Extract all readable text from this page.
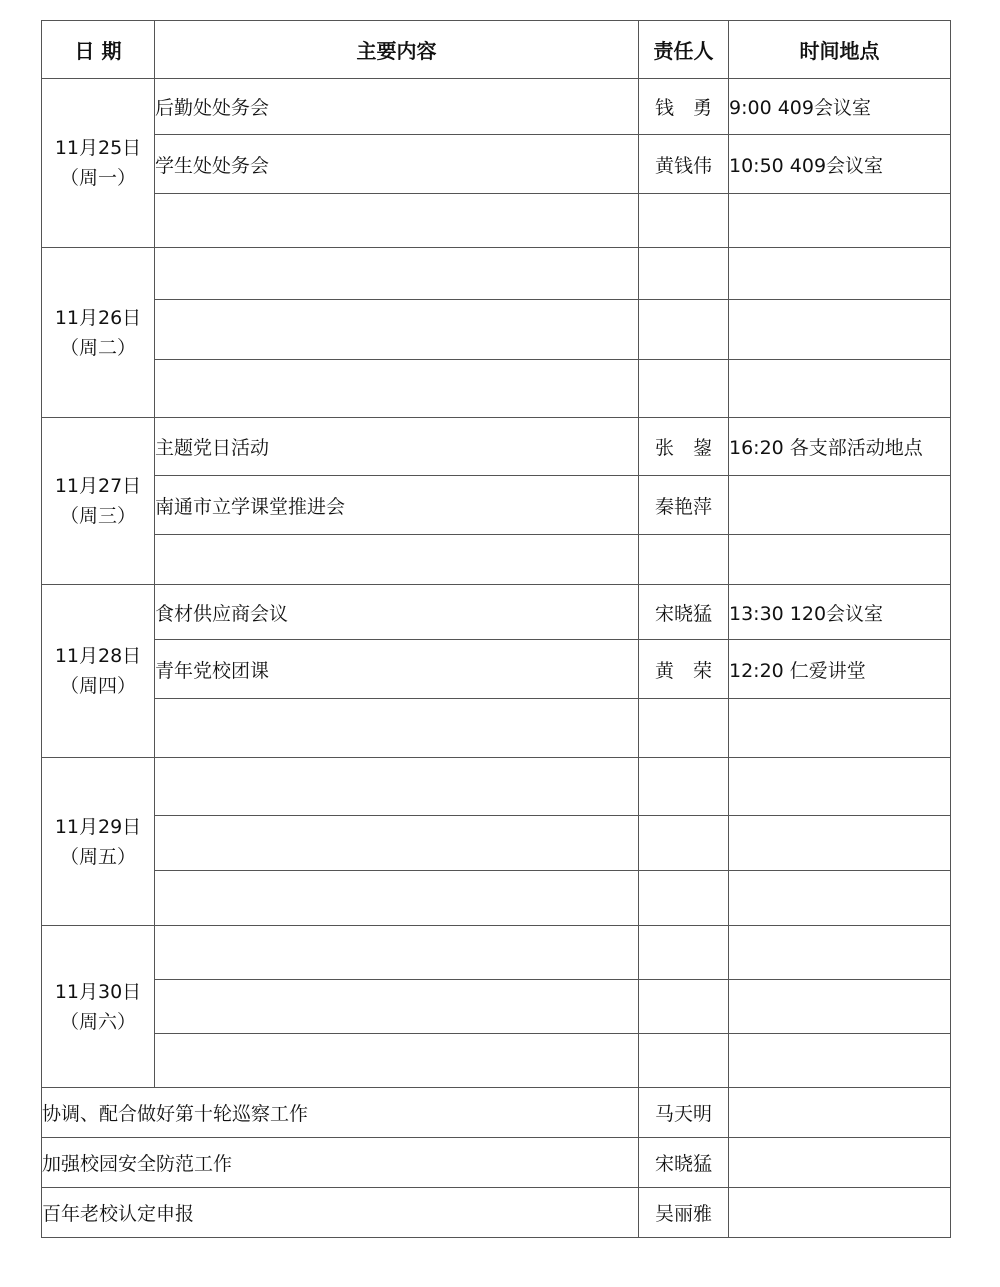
日 期	主要内容	责任人	时间地点

11月25日
（周一）	后勤处处务会	钱　勇	9:00 409会议室
	学生处处务会	黄钱伟	10:50 409会议室

11月26日
（周二）			

11月27日
（周三）	主题党日活动	张　鋆	16:20 各支部活动地点
	南通市立学课堂推进会	秦艳萍	

11月28日
（周四）	食材供应商会议	宋晓猛	13:30 120会议室
	青年党校团课	黄　荣	12:20 仁爱讲堂

11月29日
（周五）			

11月30日
（周六）			

协调、配合做好第十轮巡察工作		马天明	
加强校园安全防范工作		宋晓猛	
百年老校认定申报		吴丽雅	
